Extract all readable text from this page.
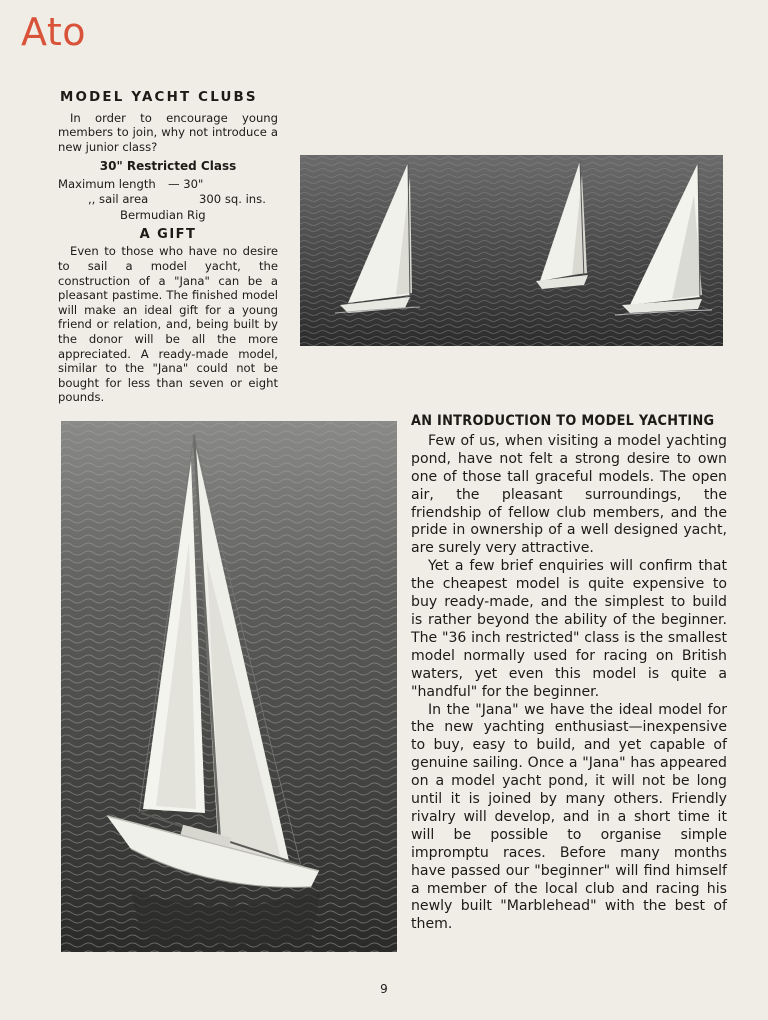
Ato
MODEL YACHT CLUBS

In order to encourage young members to join, why not introduce a new junior class?

30" Restricted Class
Maximum length	— 30"
,, sail area	300 sq. ins.
Bermudian Rig
A GIFT

Even to those who have no desire to sail a model yacht, the construction of a "Jana" can be a pleasant pastime. The finished model will make an ideal gift for a young friend or relation, and, being built by the donor will be all the more appreciated. A ready-made model, similar to the "Jana" could not be bought for less than seven or eight pounds.

AN INTRODUCTION TO MODEL YACHTING

Few of us, when visiting a model yachting pond, have not felt a strong desire to own one of those tall graceful models. The open air, the pleasant surroundings, the friendship of fellow club members, and the pride in ownership of a well designed yacht, are surely very attractive.

Yet a few brief enquiries will confirm that the cheapest model is quite expensive to buy ready-made, and the simplest to build is rather beyond the ability of the beginner. The "36 inch restricted" class is the smallest model normally used for racing on British waters, yet even this model is quite a "handful" for the beginner.

In the "Jana" we have the ideal model for the new yachting enthusiast—inexpensive to buy, easy to build, and yet capable of genuine sailing. Once a "Jana" has appeared on a model yacht pond, it will not be long until it is joined by many others. Friendly rivalry will develop, and in a short time it will be possible to organise simple impromptu races. Before many months have passed our "beginner" will find himself a member of the local club and racing his newly built "Marblehead" with the best of them.

9
